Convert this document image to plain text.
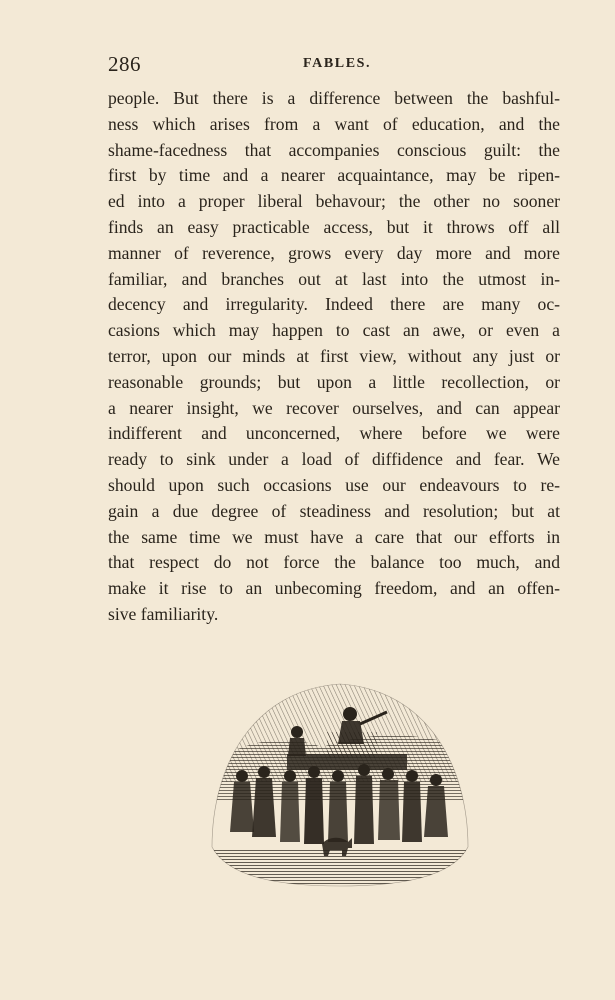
286	FABLES.
people. But there is a difference between the bashful-
ness which arises from a want of education, and the
shame-facedness that accompanies conscious guilt: the
first by time and a nearer acquaintance, may be ripen-
ed into a proper liberal behavour; the other no sooner
finds an easy practicable access, but it throws off all
manner of reverence, grows every day more and more
familiar, and branches out at last into the utmost in-
decency and irregularity. Indeed there are many oc-
casions which may happen to cast an awe, or even a
terror, upon our minds at first view, without any just or
reasonable grounds; but upon a little recollection, or
a nearer insight, we recover ourselves, and can appear
indifferent and unconcerned, where before we were
ready to sink under a load of diffidence and fear. We
should upon such occasions use our endeavours to re-
gain a due degree of steadiness and resolution; but at
the same time we must have a care that our efforts in
that respect do not force the balance too much, and
make it rise to an unbecoming freedom, and an offen-
sive familiarity.
